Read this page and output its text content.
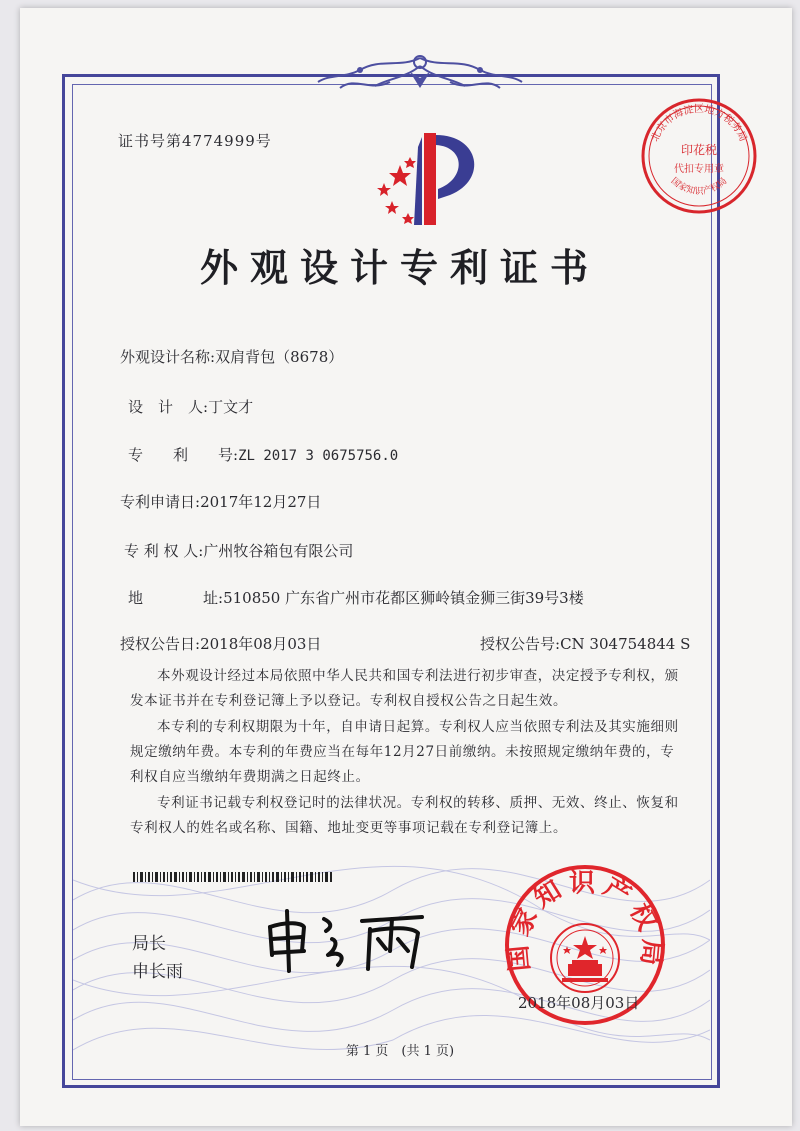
证书号第4774999号	北京市海淀区地方税务局
印花税
代扣专用章
国家知识产权局
外观设计专利证书
外观设计名称:双肩背包（8678）
设　计　人:丁文才
专　　利　　号:ZL 2017 3 0675756.0
专利申请日:2017年12月27日
专 利 权 人:广州牧谷箱包有限公司
地　　　　址:510850 广东省广州市花都区狮岭镇金狮三街39号3楼
授权公告日:2018年08月03日	授权公告号:CN 304754844 S

本外观设计经过本局依照中华人民共和国专利法进行初步审查，决定授予专利权，颁发本证书并在专利登记簿上予以登记。专利权自授权公告之日起生效。

本专利的专利权期限为十年，自申请日起算。专利权人应当依照专利法及其实施细则规定缴纳年费。本专利的年费应当在每年12月27日前缴纳。未按照规定缴纳年费的，专利权自应当缴纳年费期满之日起终止。

专利证书记载专利权登记时的法律状况。专利权的转移、质押、无效、终止、恢复和专利权人的姓名或名称、国籍、地址变更等事项记载在专利登记簿上。

局长
申长雨	国家知识产权局
2018年08月03日
第 1 页　(共 1 页)
